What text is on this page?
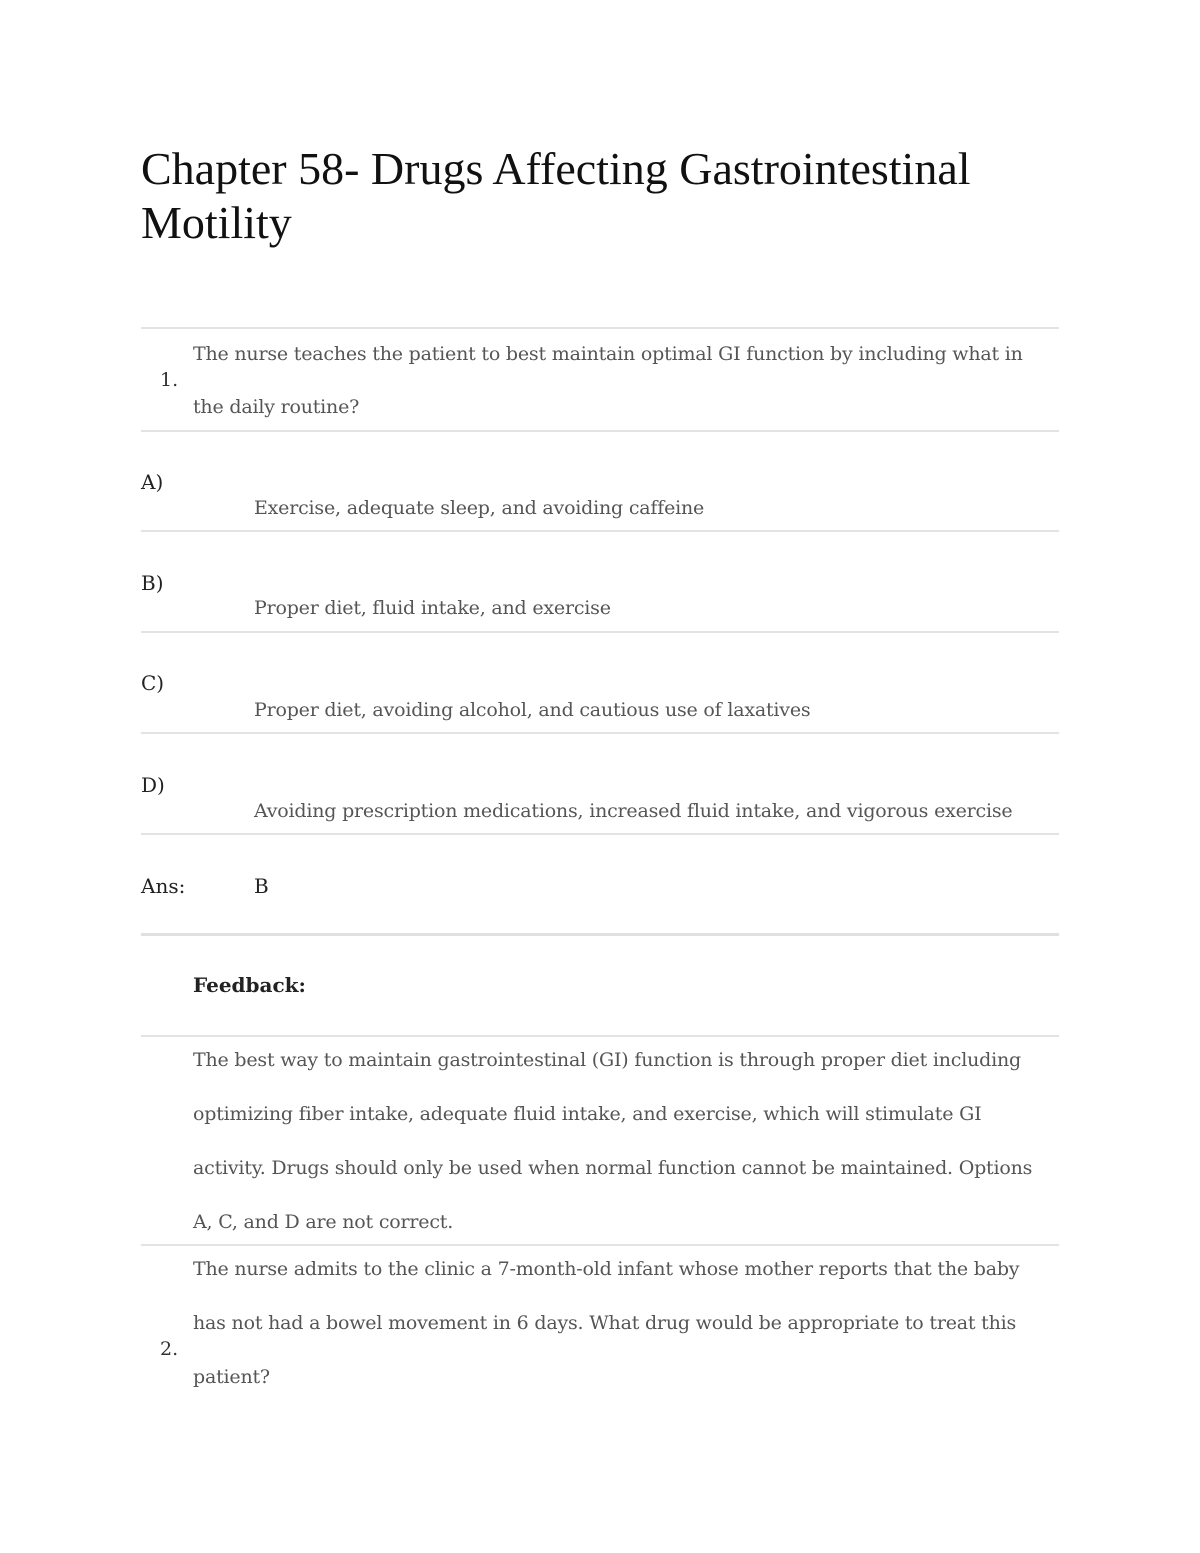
Chapter 58- Drugs Affecting Gastrointestinal
Motility
1.
The nurse teaches the patient to best maintain optimal GI function by including what in
the daily routine?
A)
Exercise, adequate sleep, and avoiding caffeine
B)
Proper diet, fluid intake, and exercise
C)
Proper diet, avoiding alcohol, and cautious use of laxatives
D)
Avoiding prescription medications, increased fluid intake, and vigorous exercise
Ans:	B
Feedback:
The best way to maintain gastrointestinal (GI) function is through proper diet including
optimizing fiber intake, adequate fluid intake, and exercise, which will stimulate GI
activity. Drugs should only be used when normal function cannot be maintained. Options
A, C, and D are not correct.
The nurse admits to the clinic a 7-month-old infant whose mother reports that the baby
has not had a bowel movement in 6 days. What drug would be appropriate to treat this
2.
patient?
